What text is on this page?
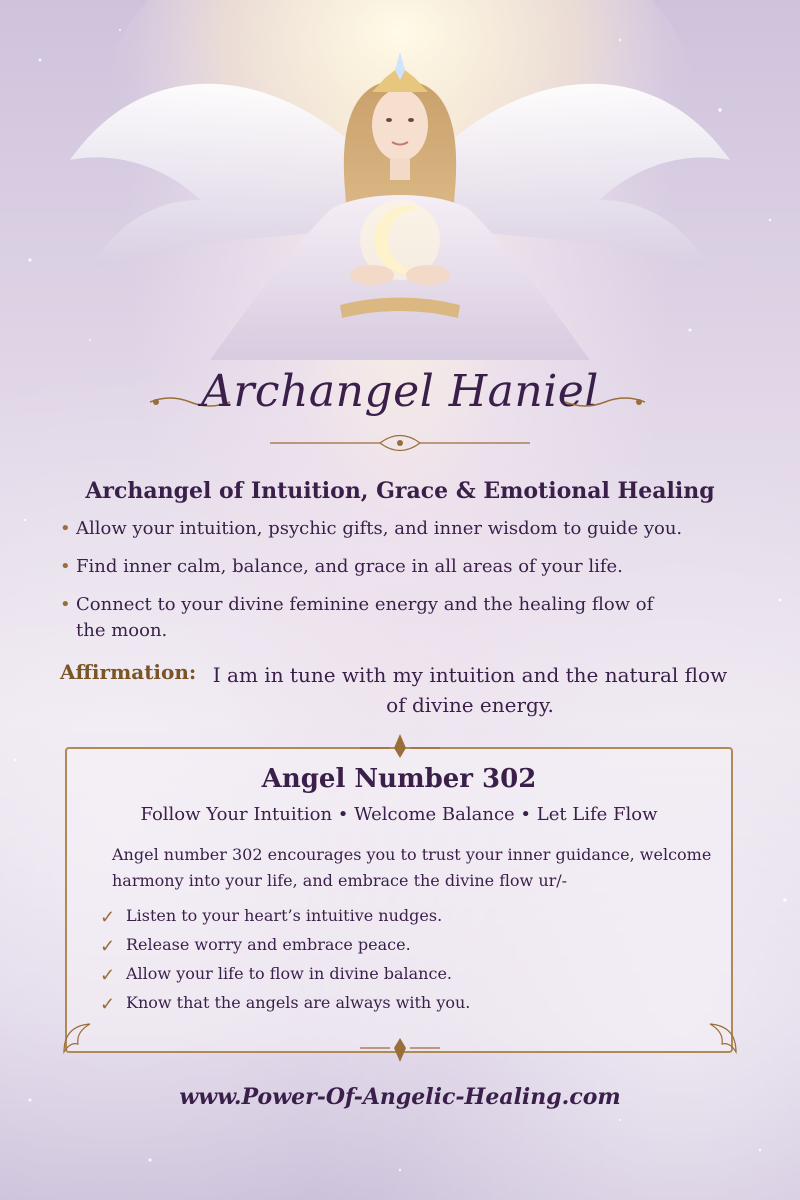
Archangel Haniel
Archangel of Intuition, Grace & Emotional Healing
• Allow your intuition, psychic gifts, and inner wisdom to guide you.
• Find inner calm, balance, and grace in all areas of your life.
• Connect to your divine feminine energy and the healing flow of the moon.
Affirmation: I am in tune with my intuition and the natural flow of divine energy.
Angel Number 302
Follow Your Intuition • Welcome Balance • Let Life Flow
Angel number 302 encourages you to trust your inner guidance, welcome harmony into your life, and embrace the divine flow ur/-
✓ Listen to your heart’s intuitive nudges.
✓ Release worry and embrace peace.
✓ Allow your life to flow in divine balance.
✓ Know that the angels are always with you.
www.Power-Of-Angelic-Healing.com
